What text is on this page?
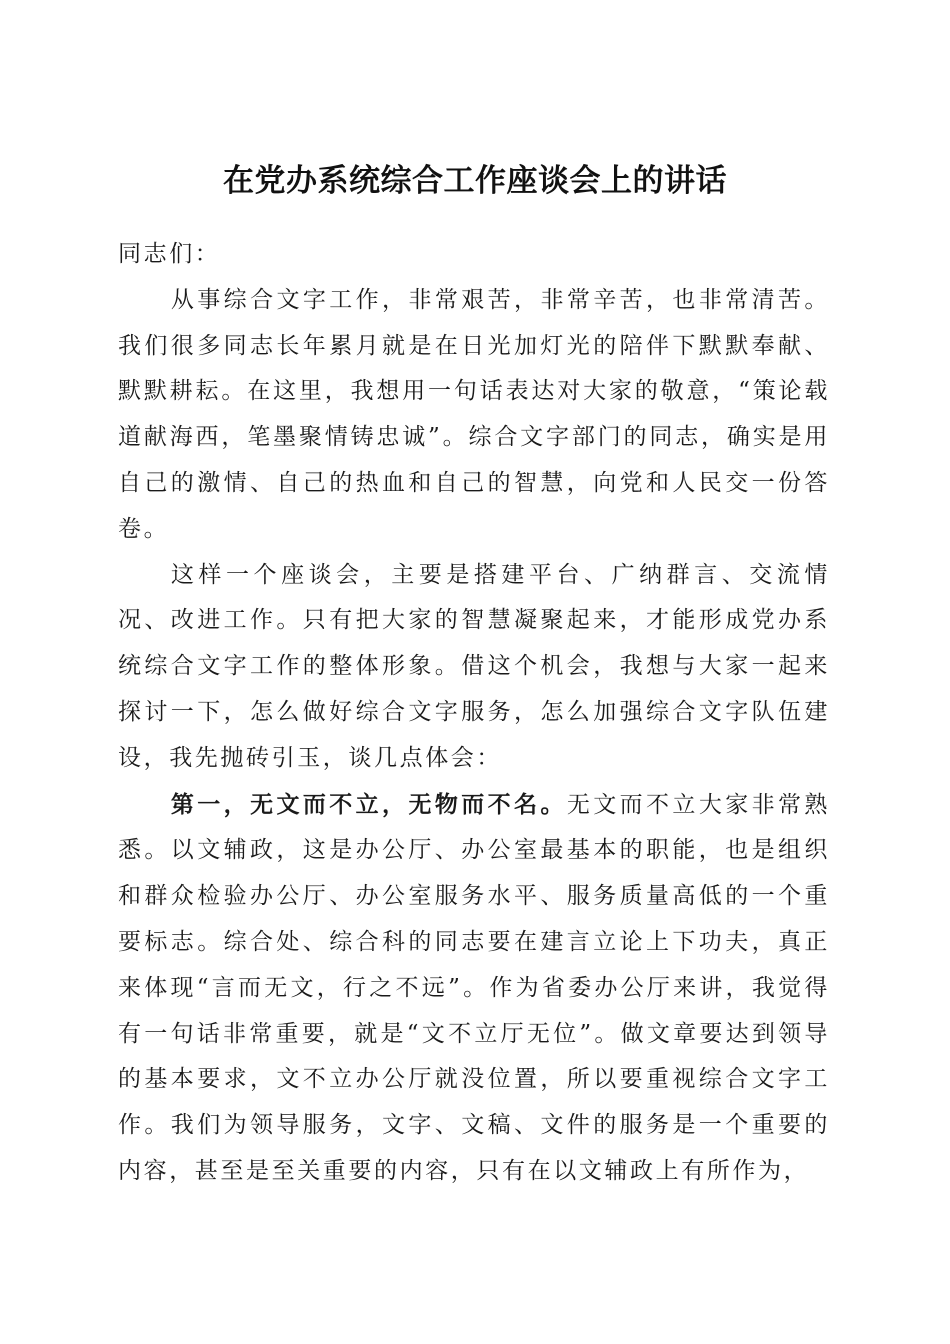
在党办系统综合工作座谈会上的讲话

同志们：

从事综合文字工作，非常艰苦，非常辛苦，也非常清苦。我们很多同志长年累月就是在日光加灯光的陪伴下默默奉献、默默耕耘。在这里，我想用一句话表达对大家的敬意，“策论载道献海西，笔墨聚情铸忠诚”。综合文字部门的同志，确实是用自己的激情、自己的热血和自己的智慧，向党和人民交一份答卷。

这样一个座谈会，主要是搭建平台、广纳群言、交流情况、改进工作。只有把大家的智慧凝聚起来，才能形成党办系统综合文字工作的整体形象。借这个机会，我想与大家一起来探讨一下，怎么做好综合文字服务，怎么加强综合文字队伍建设，我先抛砖引玉，谈几点体会：

第一，无文而不立，无物而不名。无文而不立大家非常熟悉。以文辅政，这是办公厅、办公室最基本的职能，也是组织和群众检验办公厅、办公室服务水平、服务质量高低的一个重要标志。综合处、综合科的同志要在建言立论上下功夫，真正来体现“言而无文，行之不远”。作为省委办公厅来讲，我觉得有一句话非常重要，就是“文不立厅无位”。做文章要达到领导的基本要求，文不立办公厅就没位置，所以要重视综合文字工作。我们为领导服务，文字、文稿、文件的服务是一个重要的内容，甚至是至关重要的内容，只有在以文辅政上有所作为，
